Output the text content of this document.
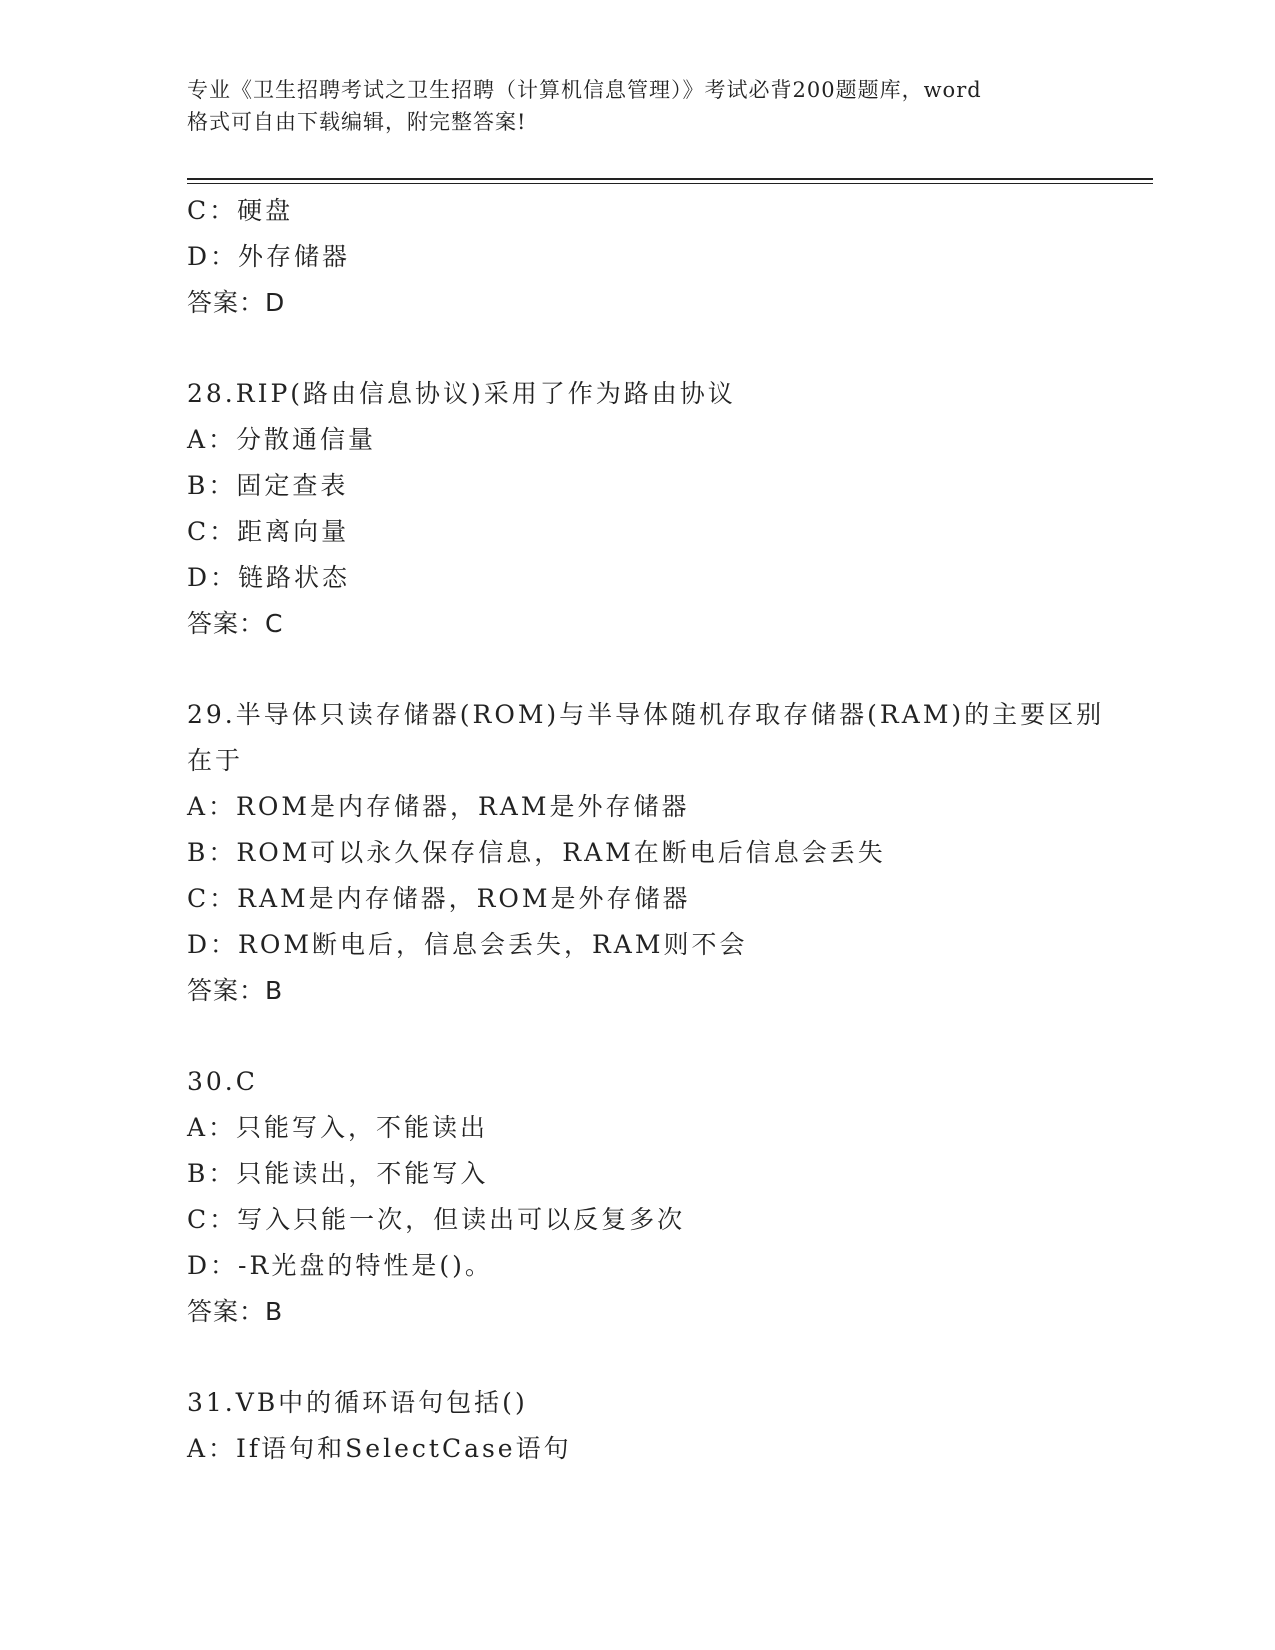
专业《卫生招聘考试之卫生招聘（计算机信息管理）》考试必背200题题库，word
格式可自由下载编辑，附完整答案!
C：硬盘
D：外存储器
答案：D
28.RIP(路由信息协议)采用了作为路由协议
A：分散通信量
B：固定查表
C：距离向量
D：链路状态
答案：C
29.半导体只读存储器(ROM)与半导体随机存取存储器(RAM)的主要区别
在于
A：ROM是内存储器，RAM是外存储器
B：ROM可以永久保存信息，RAM在断电后信息会丢失
C：RAM是内存储器，ROM是外存储器
D：ROM断电后，信息会丢失，RAM则不会
答案：B
30.C
A：只能写入，不能读出
B：只能读出，不能写入
C：写入只能一次，但读出可以反复多次
D：-R光盘的特性是()。
答案：B
31.VB中的循环语句包括()
A：If语句和SelectCase语句
